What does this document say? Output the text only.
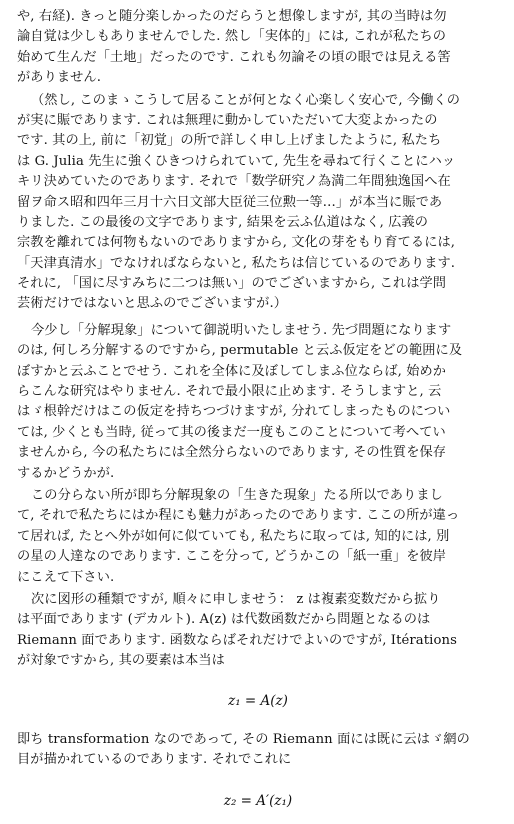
や, 右経). きっと随分楽しかったのだらうと想像しますが, 其の当時は勿
論自覚は少しもありませんでした. 然し「実体的」には, これが私たちの
始めて生んだ「土地」だったのです. これも勿論その頃の眼では見える筈
がありません.
（然し, このまゝこうして居ることが何となく心楽しく安心で, 今働くの
が実に賑であります. これは無理に動かしていただいて大変よかったの
です. 其の上, 前に「初覚」の所で詳しく申し上げましたように, 私たち
は G. Julia 先生に強くひきつけられていて, 先生を尋ねて行くことにハッ
キリ決めていたのであります. それで「数学研究ノ為満二年間独逸国へ在
留ヲ命ス昭和四年三月十六日文部大臣従三位勲一等…」が本当に賑であ
りました. この最後の文字であります, 結果を云ふ仏道はなく, 広義の
宗教を離れては何物もないのでありますから, 文化の芽をもり育てるには,
「天津真清水」でなければならないと, 私たちは信じているのであります.
それに, 「国に尽すみちに二つは無い」のでございますから, これは学問
芸術だけではないと思ふのでございますが.）
今少し「分解現象」について御説明いたしませう. 先づ問題になります
のは, 何しろ分解するのですから, permutable と云ふ仮定をどの範囲に及
ぼすかと云ふことでせう. これを全体に及ぼしてしまふ位ならば, 始めか
らこんな研究はやりません. それで最小限に止めます. そうしますと, 云
はゞ根幹だけはこの仮定を持ちつづけますが, 分れてしまったものについ
ては, 少くとも当時, 従って其の後まだ一度もこのことについて考へてい
ませんから, 今の私たちには全然分らないのであります, その性質を保存
するかどうかが.
この分らない所が即ち分解現象の「生きた現象」たる所以でありまし
て, それで私たちにはか程にも魅力があったのであります. ここの所が違っ
て居れば, たとへ外が如何に似ていても, 私たちに取っては, 知的には, 別
の星の人達なのであります. ここを分って, どうかこの「紙一重」を彼岸
にこえて下さい.
次に図形の種類ですが, 順々に申しませう： z は複素変数だから拡り
は平面であります (デカルト). A(z) は代数函数だから問題となるのは
Riemann 面であります. 函数ならばそれだけでよいのですが, Itérations
が対象ですから, 其の要素は本当は
z₁ = A(z)
即ち transformation なのであって, その Riemann 面には既に云はゞ網の
目が描かれているのであります. それでこれに
z₂ = A′(z₁)
